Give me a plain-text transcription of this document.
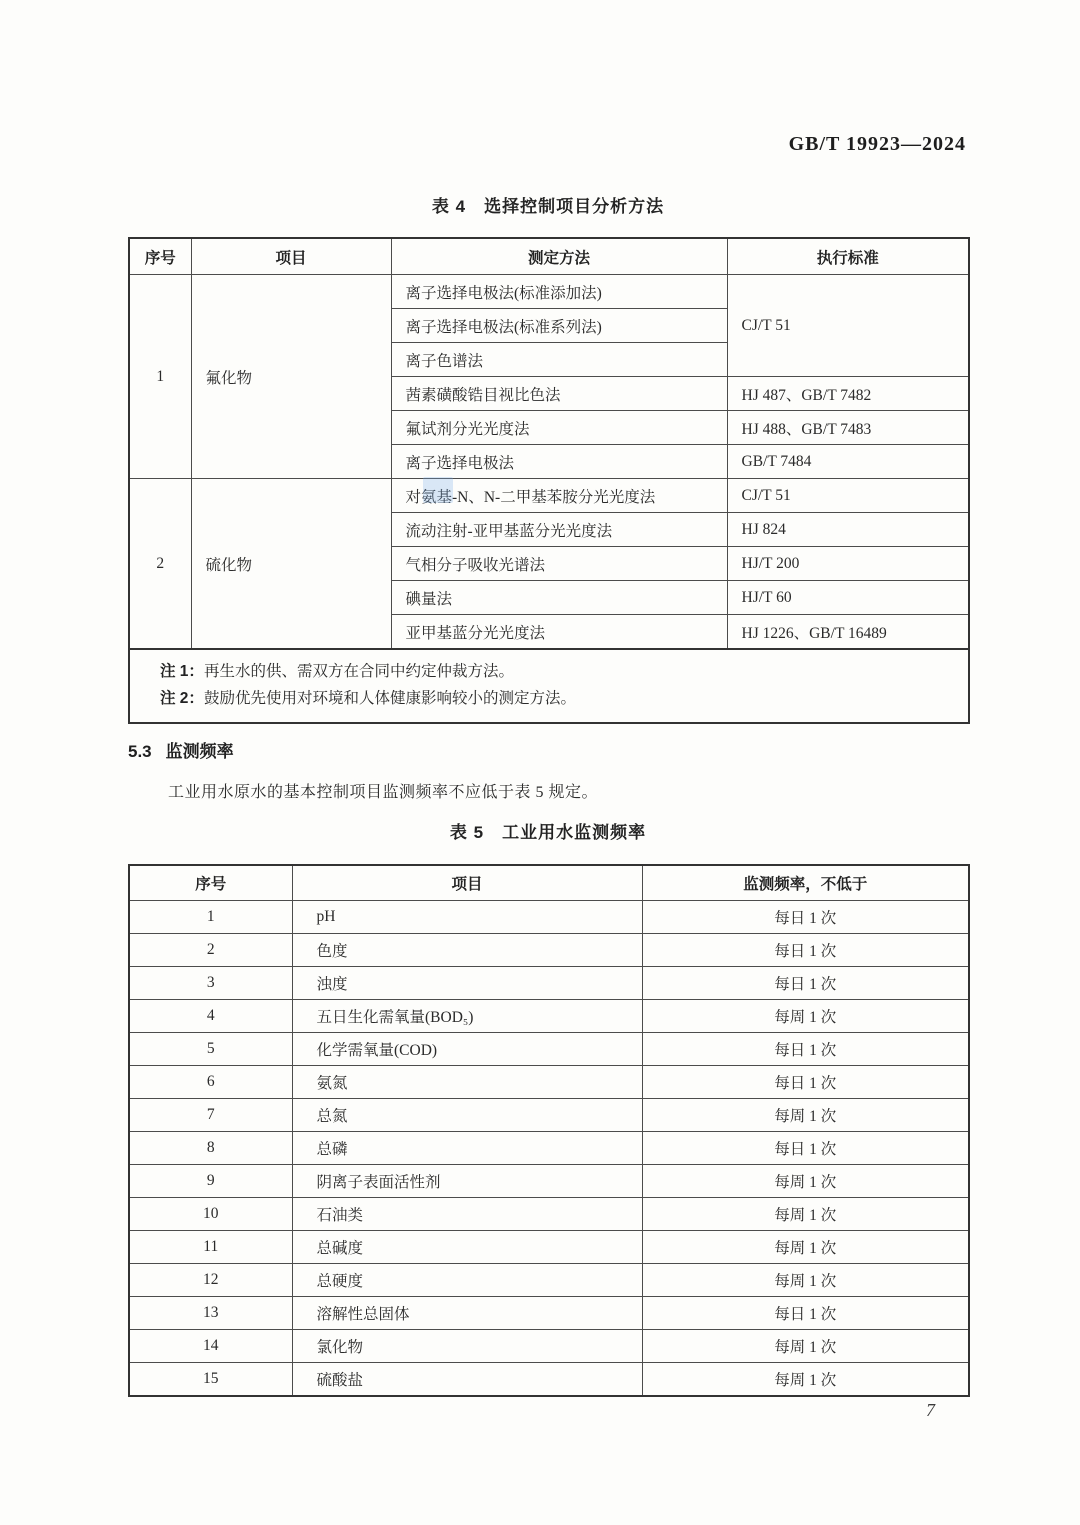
GB/T 19923—2024
表 4　选择控制项目分析方法
序号	项目	测定方法	执行标准
1	氟化物	离子选择电极法(标准添加法)	CJ/T 51
		离子选择电极法(标准系列法)	
		离子色谱法	
		茜素磺酸锆目视比色法	HJ 487、GB/T 7482
		氟试剂分光光度法	HJ 488、GB/T 7483
		离子选择电极法	GB/T 7484
2	硫化物	对氨基-N、N-二甲基苯胺分光光度法	CJ/T 51
		流动注射-亚甲基蓝分光光度法	HJ 824
		气相分子吸收光谱法	HJ/T 200
		碘量法	HJ/T 60
		亚甲基蓝分光光度法	HJ 1226、GB/T 16489

注 1：再生水的供、需双方在合同中约定仲裁方法。
注 2：鼓励优先使用对环境和人体健康影响较小的测定方法。			
5.3 监测频率

工业用水原水的基本控制项目监测频率不应低于表 5 规定。

表 5　工业用水监测频率
序号	项目	监测频率，不低于
1	pH	每日 1 次
2	色度	每日 1 次
3	浊度	每日 1 次
4	五日生化需氧量(BOD₅)	每周 1 次
5	化学需氧量(COD)	每日 1 次
6	氨氮	每日 1 次
7	总氮	每周 1 次
8	总磷	每日 1 次
9	阴离子表面活性剂	每周 1 次
10	石油类	每周 1 次
11	总碱度	每周 1 次
12	总硬度	每周 1 次
13	溶解性总固体	每日 1 次
14	氯化物	每周 1 次
15	硫酸盐	每周 1 次
7
